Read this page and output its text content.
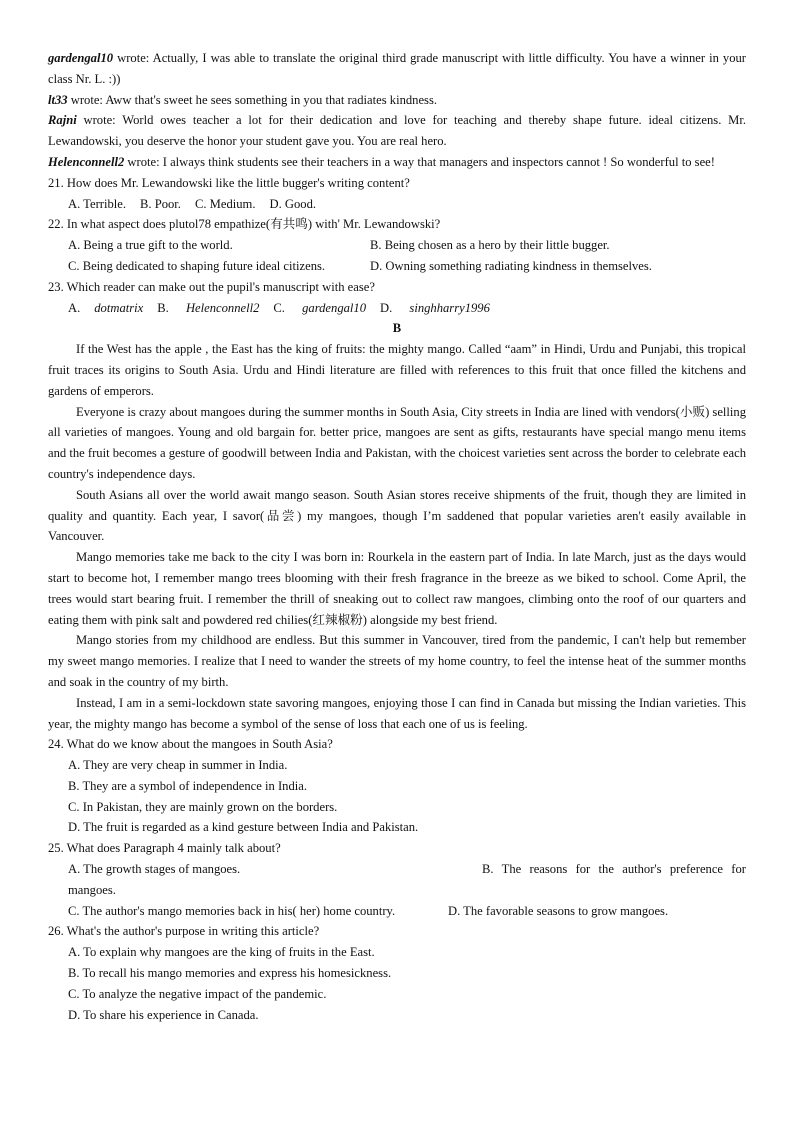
gardengal10 wrote: Actually, I was able to translate the original third grade manuscript with little difficulty. You have a winner in your class Nr. L. :))

lt33 wrote: Aww that's sweet he sees something in you that radiates kindness.

Rajni wrote: World owes teacher a lot for their dedication and love for teaching and thereby shape future. ideal citizens. Mr. Lewandowski, you deserve the honor your student gave you. You are real hero.

Helenconnell2 wrote: I always think students see their teachers in a way that managers and inspectors cannot ! So wonderful to see!

21. How does Mr. Lewandowski like the little bugger's writing content?

A. Terrible. B. Poor. C. Medium. D. Good.

22. In what aspect does plutol78 empathize(有共鸣) with' Mr. Lewandowski?

A. Being a true gift to the world.	B. Being chosen as a hero by their little bugger.
C. Being dedicated to shaping future ideal citizens.	D. Owning something radiating kindness in themselves.

23. Which reader can make out the pupil's manuscript with ease?

A. dotmatrix B. Helenconnell2 C. gardengal10 D. singhharry1996

B

If the West has the apple , the East has the king of fruits: the mighty mango. Called “aam” in Hindi, Urdu and Punjabi, this tropical fruit traces its origins to South Asia. Urdu and Hindi literature are filled with references to this fruit that once filled the kitchens and gardens of emperors.

Everyone is crazy about mangoes during the summer months in South Asia, City streets in India are lined with vendors(小贩) selling all varieties of mangoes. Young and old bargain for. better price, mangoes are sent as gifts, restaurants have special mango menu items and the fruit becomes a gesture of goodwill between India and Pakistan, with the choicest varieties sent across the border to celebrate each country's independence days.

South Asians all over the world await mango season. South Asian stores receive shipments of the fruit, though they are limited in quality and quantity. Each year, I savor(品尝) my mangoes, though I’m saddened that popular varieties aren't easily available in Vancouver.

Mango memories take me back to the city I was born in: Rourkela in the eastern part of India. In late March, just as the days would start to become hot, I remember mango trees blooming with their fresh fragrance in the breeze as we biked to school. Come April, the trees would start bearing fruit. I remember the thrill of sneaking out to collect raw mangoes, climbing onto the roof of our quarters and eating them with pink salt and powdered red chilies(红辣椒粉) alongside my best friend.

Mango stories from my childhood are endless. But this summer in Vancouver, tired from the pandemic, I can't help but remember my sweet mango memories. I realize that I need to wander the streets of my home country, to feel the intense heat of the summer months and soak in the country of my birth.

Instead, I am in a semi-lockdown state savoring mangoes, enjoying those I can find in Canada but missing the Indian varieties. This year, the mighty mango has become a symbol of the sense of loss that each one of us is feeling.

24. What do we know about the mangoes in South Asia?

A. They are very cheap in summer in India.
B. They are a symbol of independence in India.
C. In Pakistan, they are mainly grown on the borders.
D. The fruit is regarded as a kind gesture between India and Pakistan.

25. What does Paragraph 4 mainly talk about?

A. The growth stages of mangoes.	B. The reasons for the author's preference for mangoes.

C. The author's mango memories back in his( her) home country.	D. The favorable seasons to grow mangoes.

26. What's the author's purpose in writing this article?

A. To explain why mangoes are the king of fruits in the East.
B. To recall his mango memories and express his homesickness.
C. To analyze the negative impact of the pandemic.
D. To share his experience in Canada.
